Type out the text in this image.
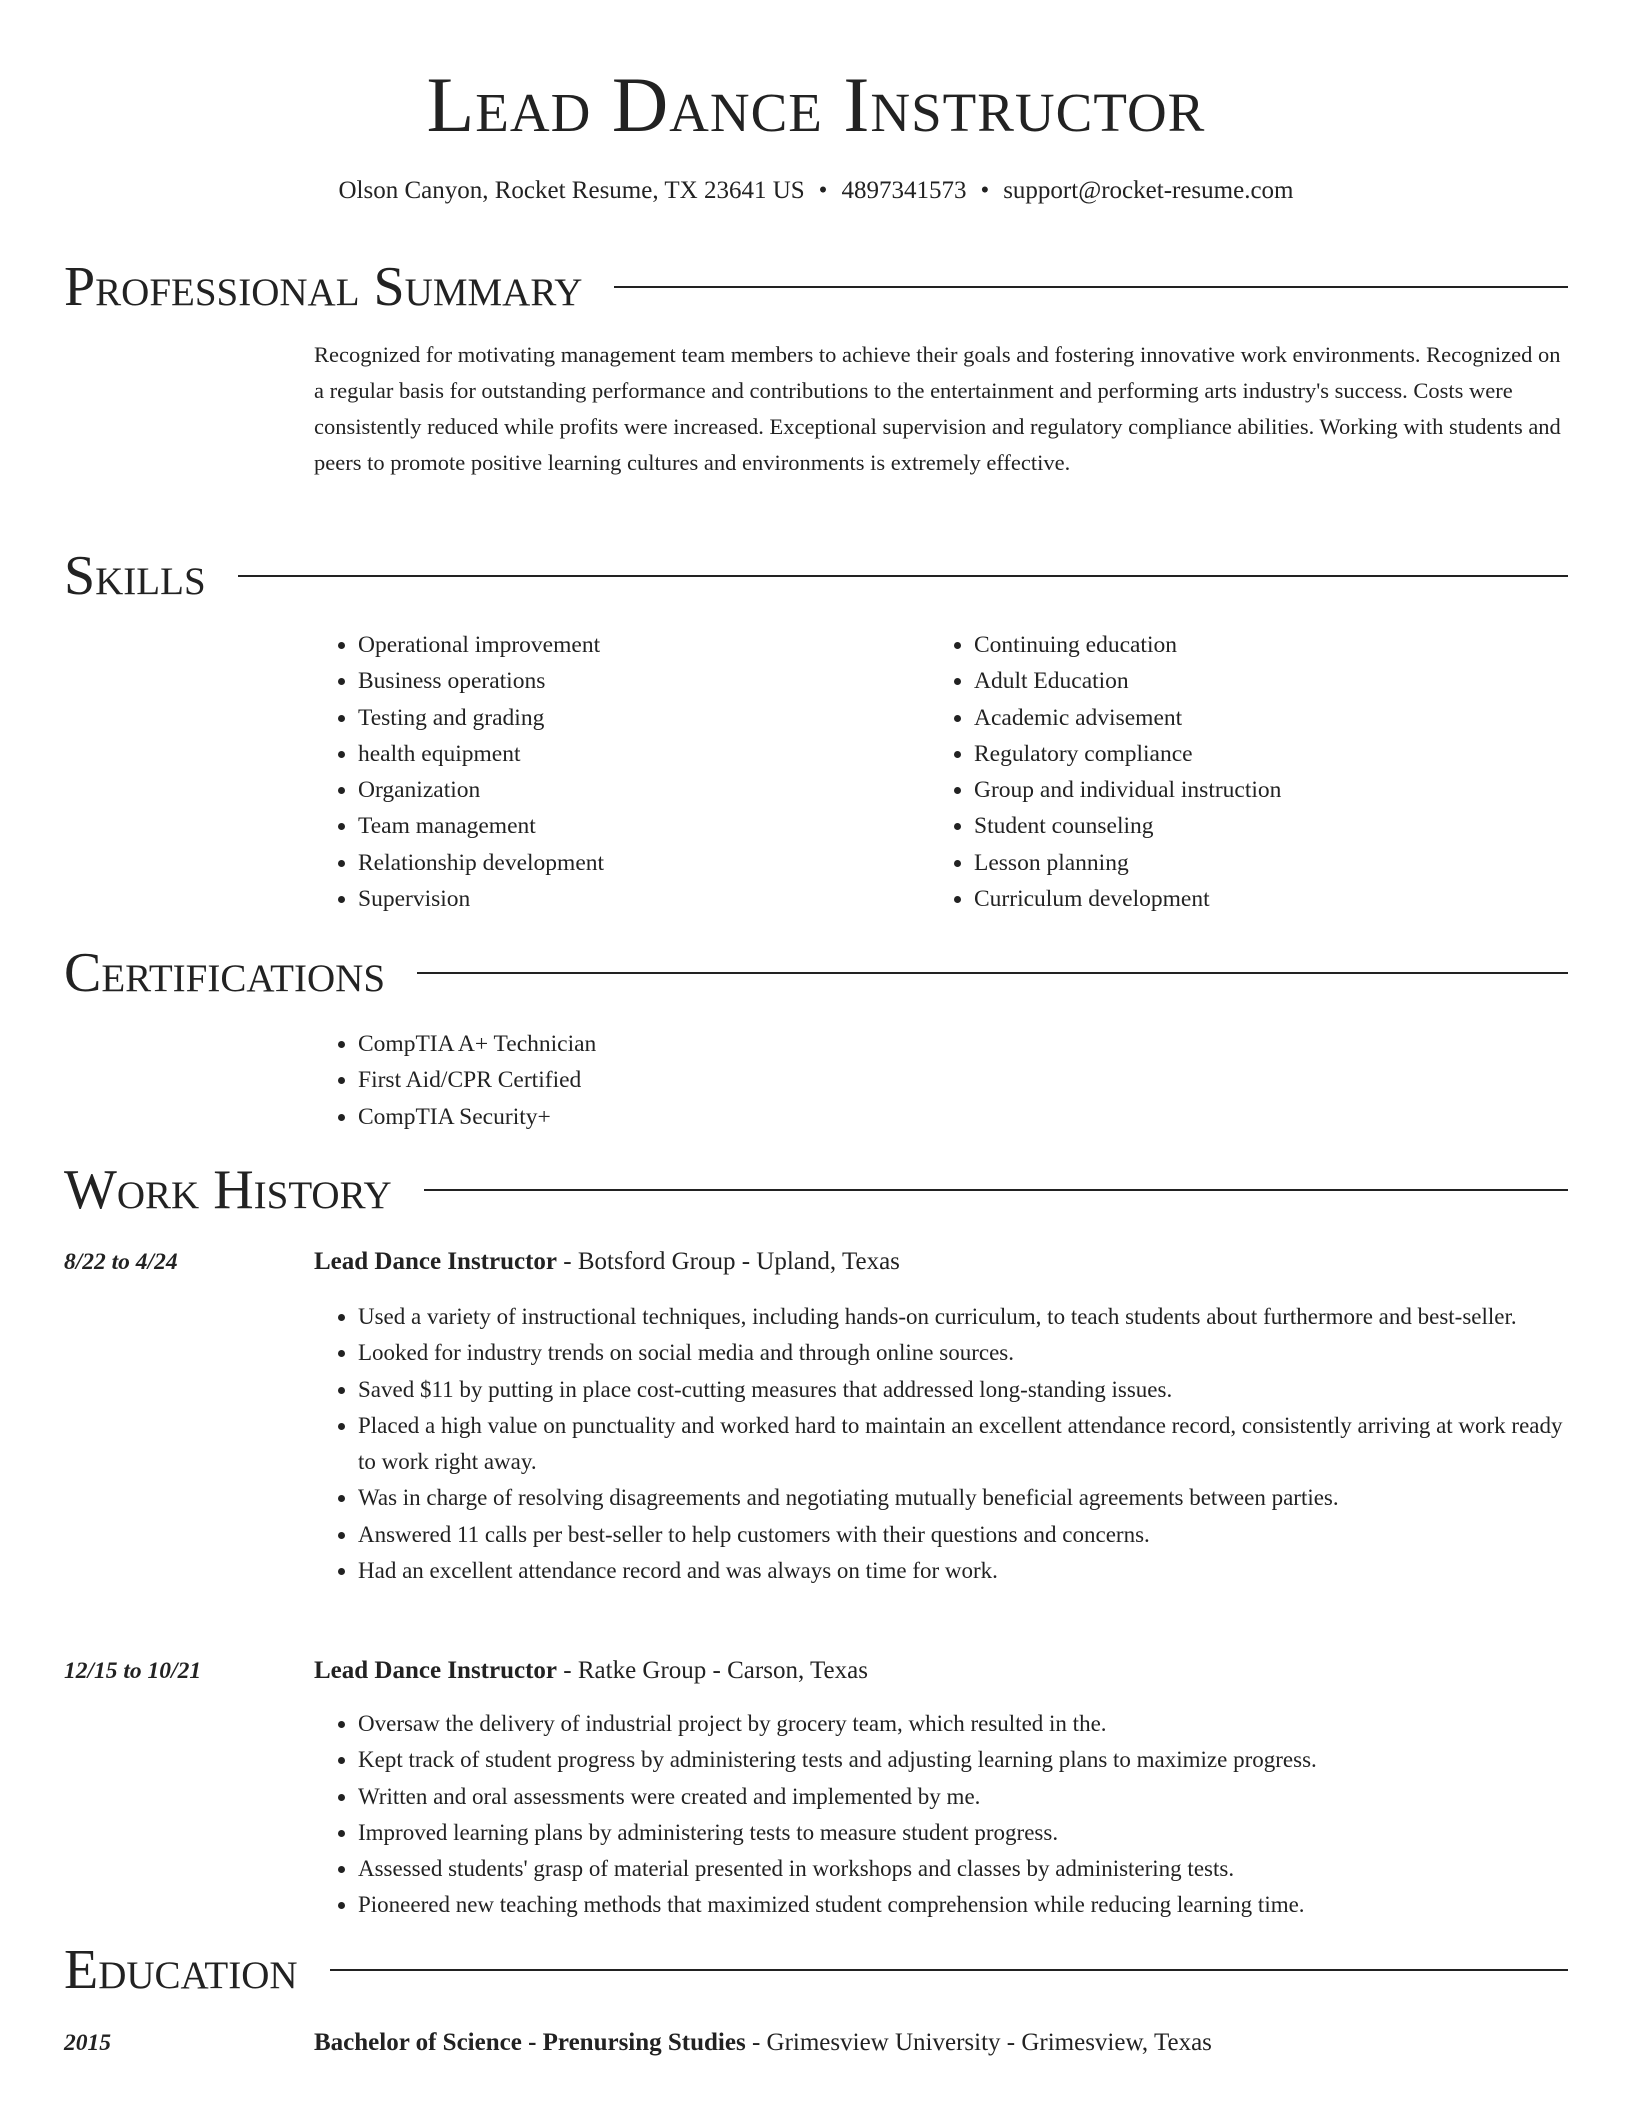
Lead Dance Instructor
Olson Canyon, Rocket Resume, TX 23641 US • 4897341573 • support@rocket-resume.com
Professional Summary
Recognized for motivating management team members to achieve their goals and fostering innovative work environments. Recognized on a regular basis for outstanding performance and contributions to the entertainment and performing arts industry's success. Costs were consistently reduced while profits were increased. Exceptional supervision and regulatory compliance abilities. Working with students and peers to promote positive learning cultures and environments is extremely effective.
Skills
• Operational improvement
• Business operations
• Testing and grading
• health equipment
• Organization
• Team management
• Relationship development
• Supervision
• Continuing education
• Adult Education
• Academic advisement
• Regulatory compliance
• Group and individual instruction
• Student counseling
• Lesson planning
• Curriculum development
Certifications
• CompTIA A+ Technician
• First Aid/CPR Certified
• CompTIA Security+
Work History
8/22 to 4/24	Lead Dance Instructor - Botsford Group - Upland, Texas
• Used a variety of instructional techniques, including hands-on curriculum, to teach students about furthermore and best-seller.
• Looked for industry trends on social media and through online sources.
• Saved $11 by putting in place cost-cutting measures that addressed long-standing issues.
• Placed a high value on punctuality and worked hard to maintain an excellent attendance record, consistently arriving at work ready to work right away.
• Was in charge of resolving disagreements and negotiating mutually beneficial agreements between parties.
• Answered 11 calls per best-seller to help customers with their questions and concerns.
• Had an excellent attendance record and was always on time for work.
12/15 to 10/21	Lead Dance Instructor - Ratke Group - Carson, Texas
• Oversaw the delivery of industrial project by grocery team, which resulted in the.
• Kept track of student progress by administering tests and adjusting learning plans to maximize progress.
• Written and oral assessments were created and implemented by me.
• Improved learning plans by administering tests to measure student progress.
• Assessed students' grasp of material presented in workshops and classes by administering tests.
• Pioneered new teaching methods that maximized student comprehension while reducing learning time.
Education
2015	Bachelor of Science - Prenursing Studies - Grimesview University - Grimesview, Texas
